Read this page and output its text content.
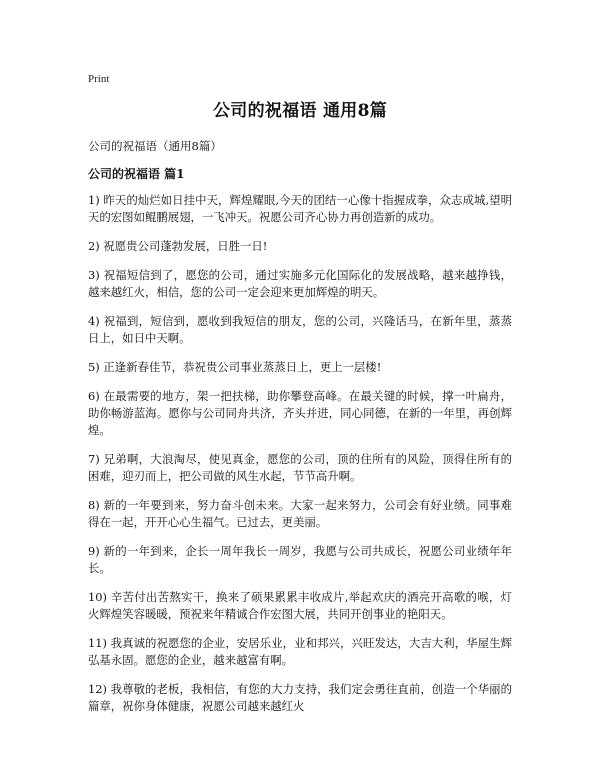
Print
公司的祝福语 通用8篇
公司的祝福语（通用8篇）
公司的祝福语 篇1

1) 昨天的灿烂如日挂中天，辉煌耀眼,今天的团结一心像十指握成拳，众志成城,望明天的宏图如鲲鹏展翅，一飞冲天。祝愿公司齐心协力再创造新的成功。

2) 祝愿贵公司蓬勃发展，日胜一日!

3) 祝福短信到了，愿您的公司，通过实施多元化国际化的发展战略，越来越挣钱，越来越红火，相信，您的公司一定会迎来更加辉煌的明天。

4) 祝福到，短信到，愿收到我短信的朋友，您的公司，兴隆话马，在新年里，蒸蒸日上，如日中天啊。

5) 正逢新春佳节，恭祝贵公司事业蒸蒸日上，更上一层楼!

6) 在最需要的地方，架一把扶梯，助你攀登高峰。在最关键的时候，撑一叶扁舟，助你畅游蓝海。愿你与公司同舟共济，齐头并进，同心同德，在新的一年里，再创辉煌。

7) 兄弟啊，大浪淘尽，使见真金，愿您的公司，顶的住所有的风险，顶得住所有的困难，迎刃而上，把公司做的风生水起，节节高升啊。

8) 新的一年要到来，努力奋斗创未来。大家一起来努力，公司会有好业绩。同事难得在一起，开开心心生福气。已过去，更美丽。

9) 新的一年到来，企长一周年我长一周岁，我愿与公司共成长，祝愿公司业绩年年长。

10) 辛苦付出苦熬实干，换来了硕果累累丰收成片,举起欢庆的酒亮开高歌的喉，灯火辉煌笑容暖暖，预祝来年精诚合作宏图大展，共同开创事业的艳阳天。

11) 我真诚的祝愿您的企业，安居乐业，业和邦兴，兴旺发达，大吉大利，华屋生辉 弘基永固。愿您的企业，越来越富有啊。

12) 我尊敬的老板，我相信，有您的大力支持，我们定会勇往直前，创造一个华丽的篇章，祝你身体健康，祝愿公司越来越红火
